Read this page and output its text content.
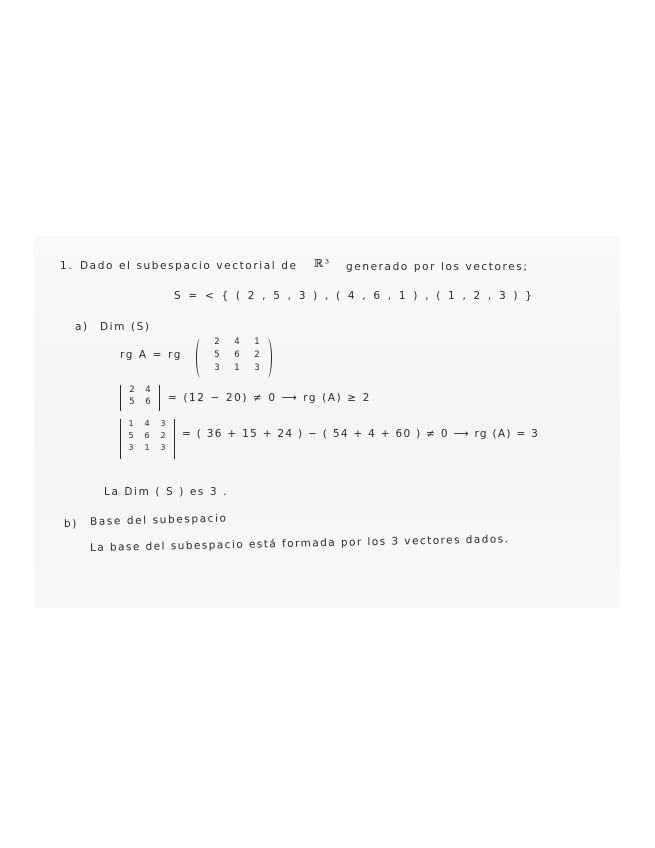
1. Dado el subespacio vectorial de ℝ³ generado por los vectores;
S = < { ( 2 , 5 , 3 ) , ( 4 , 6 , 1 ) , ( 1 , 2 , 3 ) }
a) Dim (S)
rg A = rg
2	4	1
5	6	2
3	1	3
2	4
5	6	= (12 − 20) ≠ 0 ⟶ rg (A) ≥ 2
1	4	3
5	6	2
3	1	3
= ( 36 + 15 + 24 ) − ( 54 + 4 + 60 ) ≠ 0 ⟶ rg (A) = 3
La Dim ( S ) es 3 .
b) Base del subespacio
La base del subespacio está formada por los 3 vectores dados.
